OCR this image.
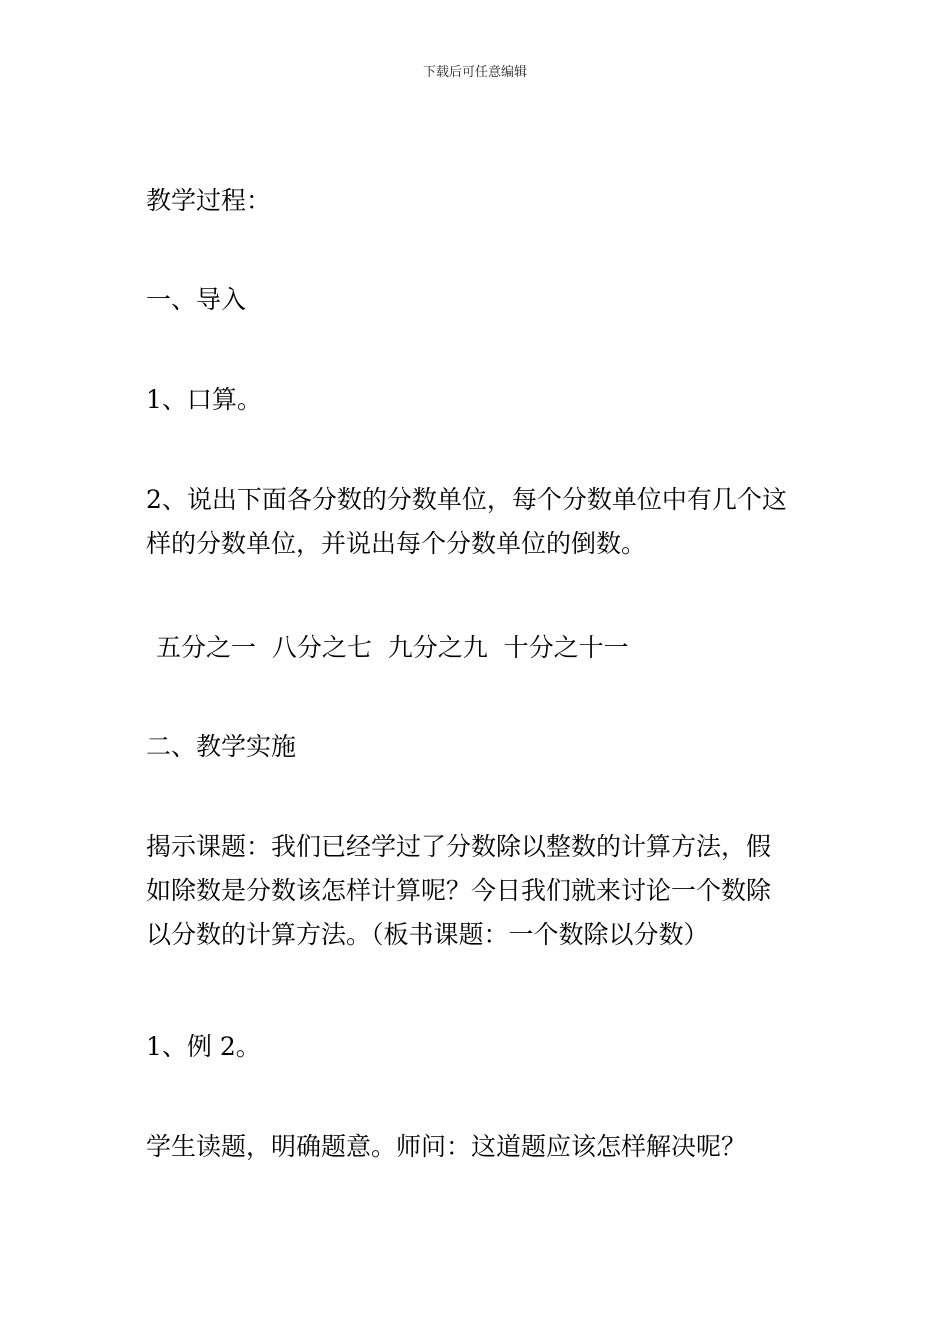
下载后可任意编辑

教学过程：

一、导入

1、口算。

2、说出下面各分数的分数单位，每个分数单位中有几个这
样的分数单位，并说出每个分数单位的倒数。

五分之一  八分之七  九分之九  十分之十一

二、教学实施

揭示课题：我们已经学过了分数除以整数的计算方法，假
如除数是分数该怎样计算呢？今日我们就来讨论一个数除
以分数的计算方法。（板书课题：一个数除以分数）

1、例 2。

学生读题，明确题意。师问：这道题应该怎样解决呢？
